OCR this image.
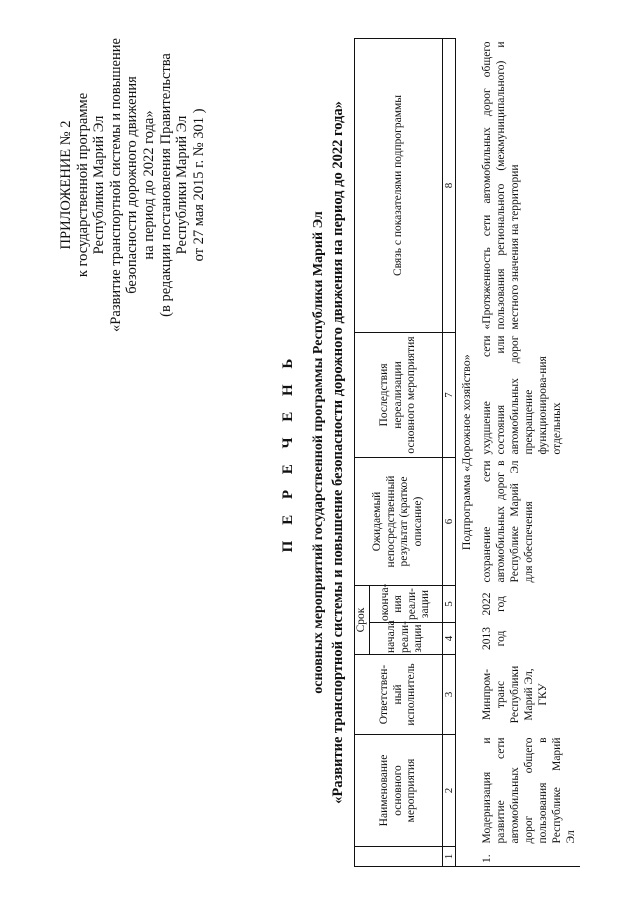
ПРИЛОЖЕНИЕ № 2 к государственной программе Республики Марий Эл «Развитие транспортной системы и повышение безопасности дорожного движения на период до 2022 года» (в редакции постановления Правительства Республики Марий Эл от 27 мая 2015 г. № 301 )
П Е Р Е Ч Е Н Ь основных мероприятий государственной программы Республики Марий Эл «Развитие транспортной системы и повышение безопасности дорожного движения на период до 2022 года»
		Наименование основного мероприятия	Ответствен-ный исполнитель	Срок		Ожидаемый непосредственный результат (краткое описание)	Последствия нереализации основного мероприятия	Связь с показателями подпрограммы
			начала реали-зации	оконча-ния реали-зации			
1	2	3	4	5	6	7	8
Подпрограмма «Дорожное хозяйство»							
1.	Модернизация и развитие сети автомобильных дорог общего пользования в Республике Марий Эл	Минпром-транс Республики Марий Эл, ГКУ	2013 год	2022 год	сохранение сети автомобильных дорог в Республике Марий Эл для обеспечения	ухудшение сети состояния или автомобильных дорог прекращение функционирова-ния отдельных	«Протяженность сети автомобильных дорог общего пользования регионального (межмуниципального) и местного значения на территории
